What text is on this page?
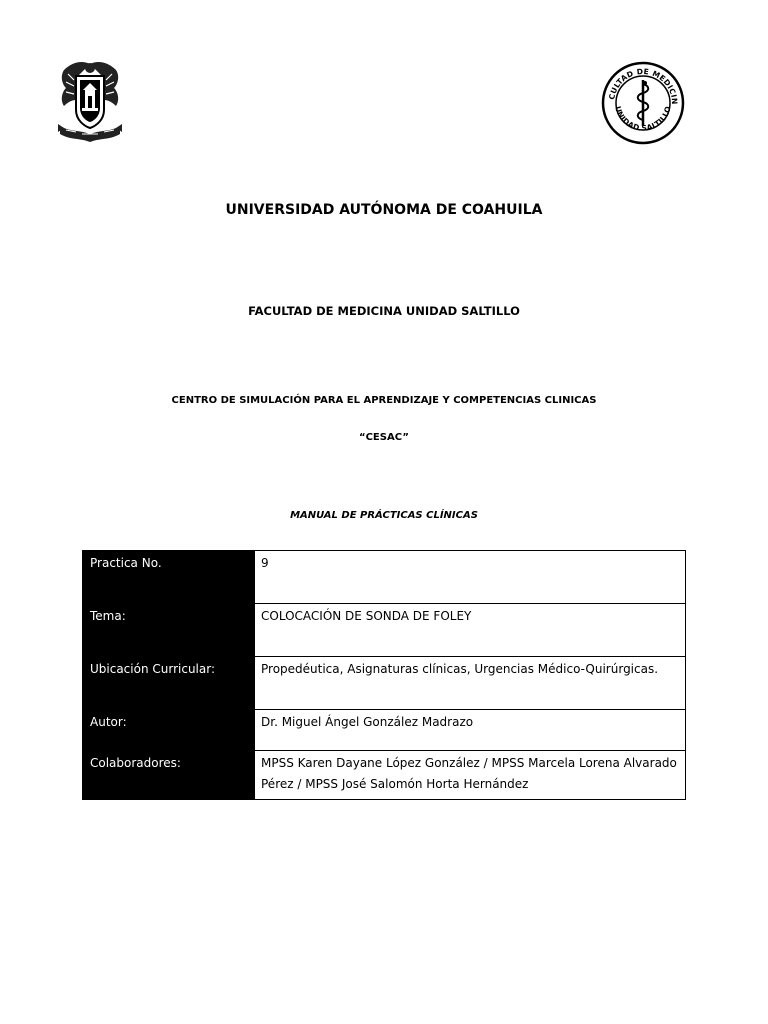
CULTAD DE MEDICIN
UNIDAD SALTILLO
UNIVERSIDAD AUTÓNOMA DE COAHUILA
FACULTAD DE MEDICINA UNIDAD SALTILLO
CENTRO DE SIMULACIÓN PARA EL APRENDIZAJE Y COMPETENCIAS CLINICAS
“CESAC”
MANUAL DE PRÁCTICAS CLÍNICAS
Practica No.	9
Tema:	COLOCACIÓN DE SONDA DE FOLEY
Ubicación Curricular:	Propedéutica, Asignaturas clínicas, Urgencias Médico-Quirúrgicas.
Autor:	Dr. Miguel Ángel González Madrazo
Colaboradores:	MPSS Karen Dayane López González / MPSS Marcela Lorena Alvarado Pérez / MPSS José Salomón Horta Hernández
